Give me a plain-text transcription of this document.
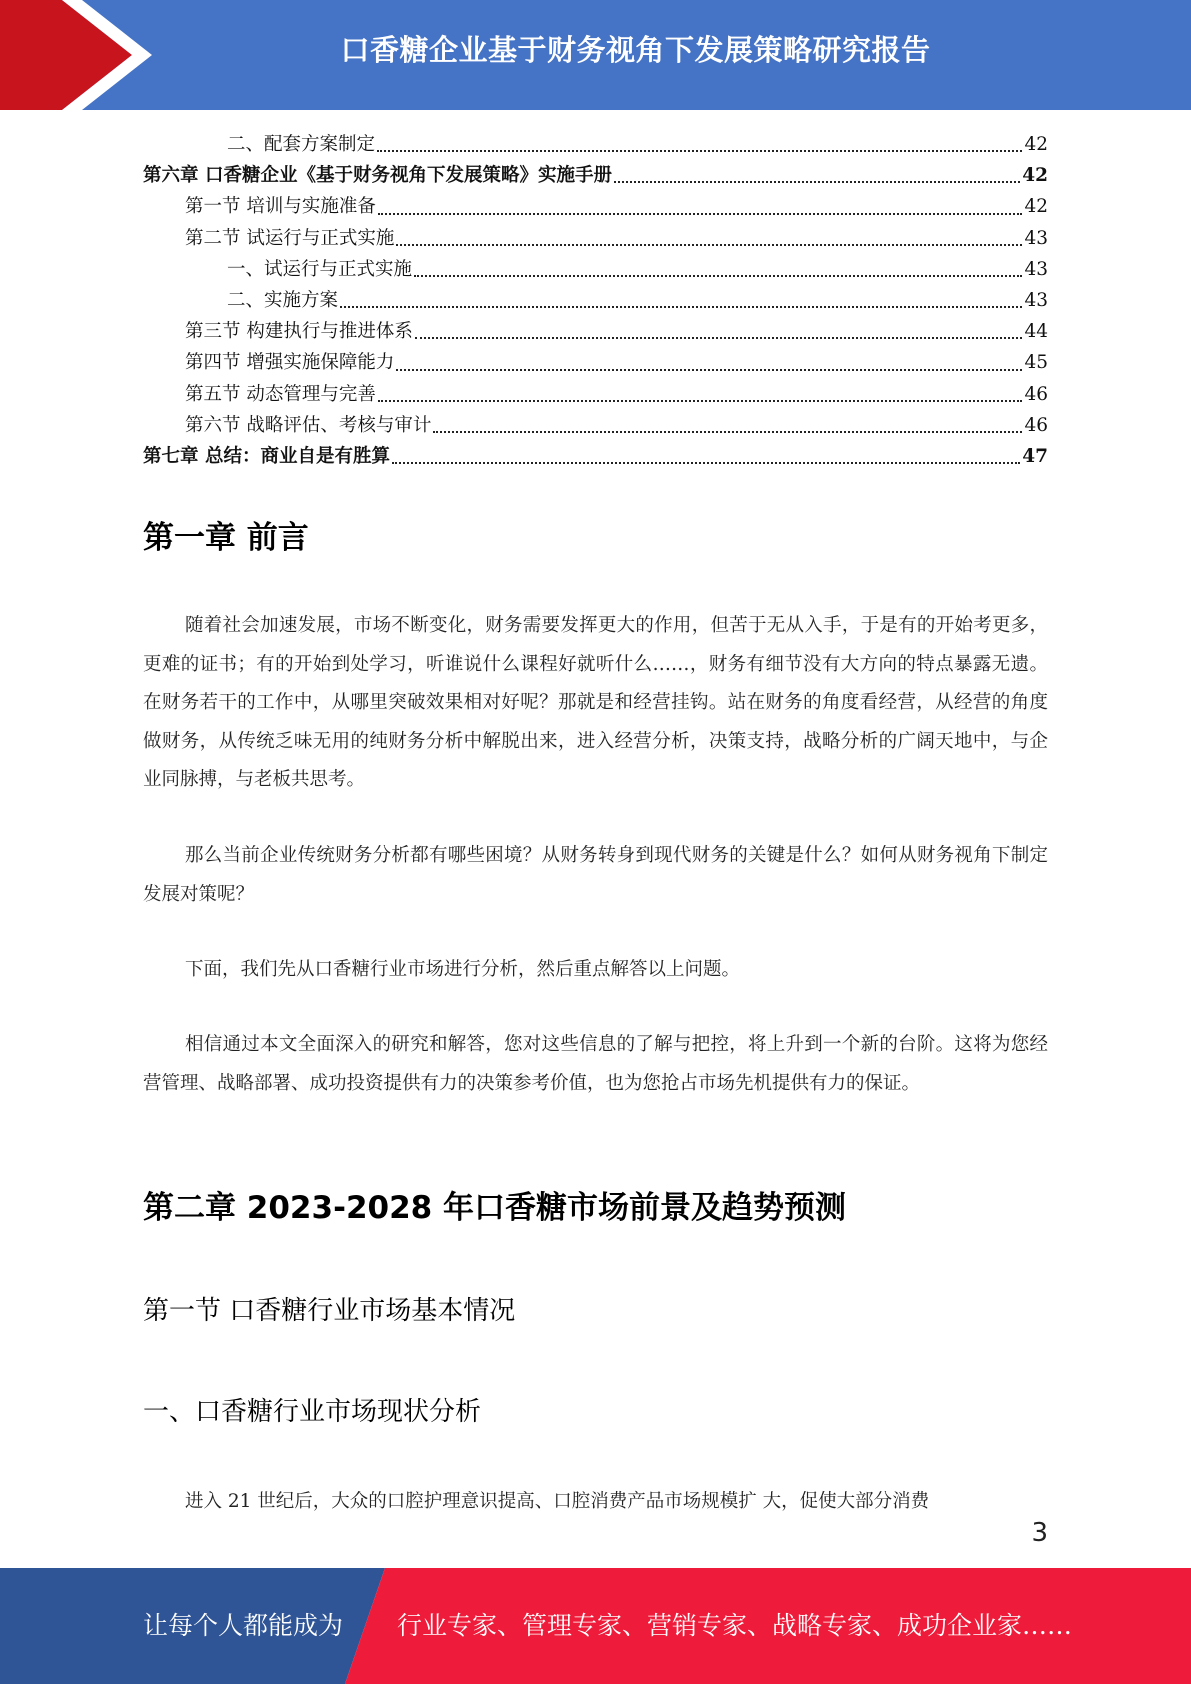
口香糖企业基于财务视角下发展策略研究报告
二、配套方案制定	42
第六章 口香糖企业《基于财务视角下发展策略》实施手册	42
第一节 培训与实施准备	42
第二节 试运行与正式实施	43
一、试运行与正式实施	43
二、实施方案	43
第三节 构建执行与推进体系	44
第四节 增强实施保障能力	45
第五节 动态管理与完善	46
第六节 战略评估、考核与审计	46
第七章 总结：商业自是有胜算	47
第一章 前言
随着社会加速发展，市场不断变化，财务需要发挥更大的作用，但苦于无从入手，于是有的开始考更多，更难的证书；有的开始到处学习，听谁说什么课程好就听什么……，财务有细节没有大方向的特点暴露无遗。在财务若干的工作中，从哪里突破效果相对好呢？那就是和经营挂钩。站在财务的角度看经营，从经营的角度做财务，从传统乏味无用的纯财务分析中解脱出来，进入经营分析，决策支持，战略分析的广阔天地中，与企业同脉搏，与老板共思考。
那么当前企业传统财务分析都有哪些困境？从财务转身到现代财务的关键是什么？如何从财务视角下制定发展对策呢？
下面，我们先从口香糖行业市场进行分析，然后重点解答以上问题。
相信通过本文全面深入的研究和解答，您对这些信息的了解与把控，将上升到一个新的台阶。这将为您经营管理、战略部署、成功投资提供有力的决策参考价值，也为您抢占市场先机提供有力的保证。
第二章 2023-2028 年口香糖市场前景及趋势预测
第一节 口香糖行业市场基本情况
一、口香糖行业市场现状分析
进入 21 世纪后，大众的口腔护理意识提高、口腔消费产品市场规模扩 大，促使大部分消费
3
让每个人都能成为 行业专家、管理专家、营销专家、战略专家、成功企业家……
